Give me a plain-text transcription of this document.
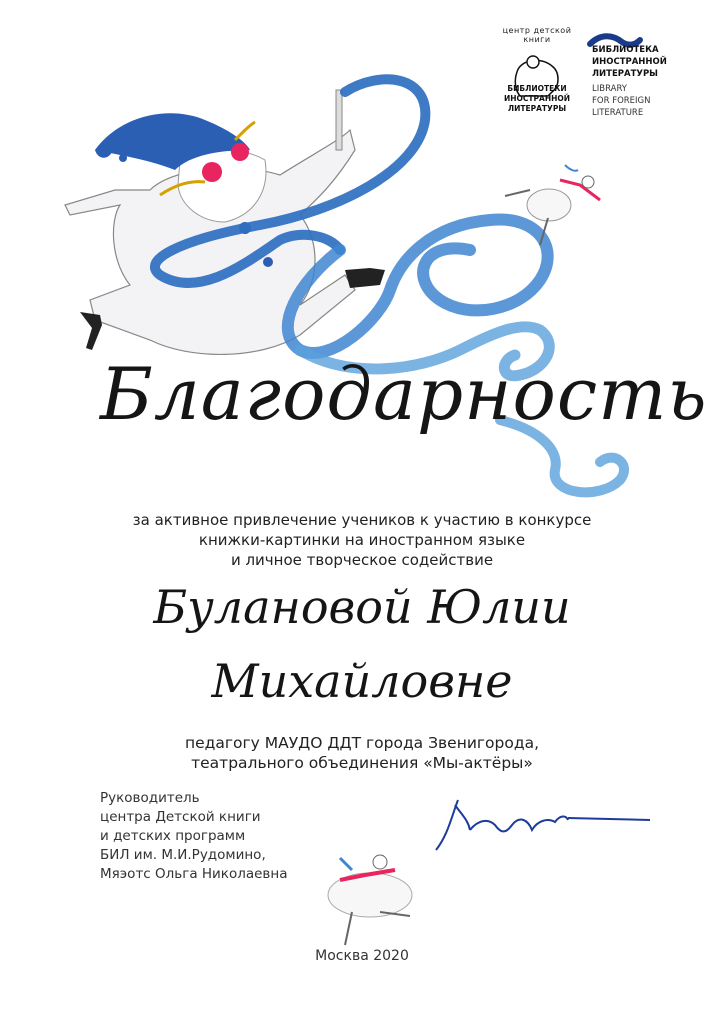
центр детской книги
БИБЛИОТЕКИ
ИНОСТРАННОЙ
ЛИТЕРАТУРЫ
БИБЛИОТЕКА
ИНОСТРАННОЙ
ЛИТЕРАТУРЫ
LIBRARY
FOR FOREIGN
LITERATURE
Благодарность
за активное привлечение учеников к участию в конкурсе
книжки-картинки на иностранном языке
и личное творческое содействие
Булановой Юлии
Михайловне
педагогу МАУДО ДДТ города Звенигорода,
театрального объединения «Мы-актёры»
Руководитель
центра Детской книги
и детских программ
БИЛ им. М.И.Рудомино,
Мяэотс Ольга Николаевна
Москва 2020
